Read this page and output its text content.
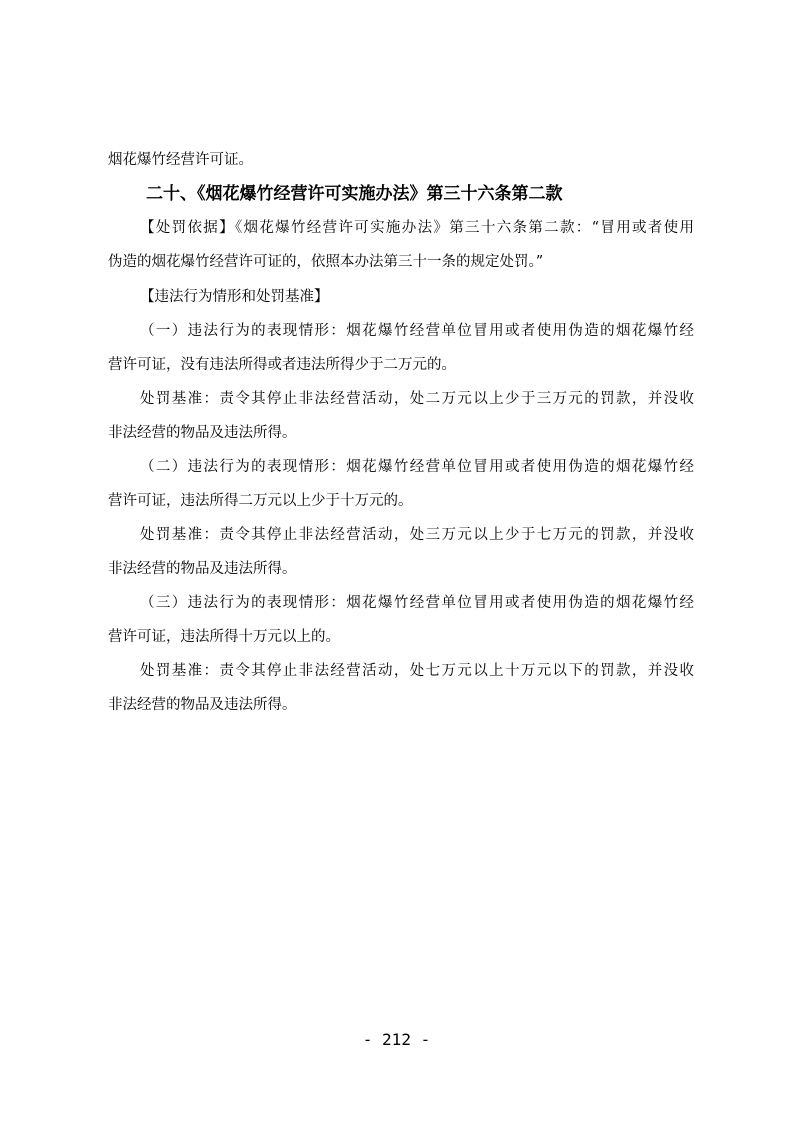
烟花爆竹经营许可证。
二十、《烟花爆竹经营许可实施办法》第三十六条第二款
【处罚依据】《烟花爆竹经营许可实施办法》第三十六条第二款：“冒用或者使用
伪造的烟花爆竹经营许可证的，依照本办法第三十一条的规定处罚。”
【违法行为情形和处罚基准】
（一）违法行为的表现情形：烟花爆竹经营单位冒用或者使用伪造的烟花爆竹经
营许可证，没有违法所得或者违法所得少于二万元的。
处罚基准：责令其停止非法经营活动，处二万元以上少于三万元的罚款，并没收
非法经营的物品及违法所得。
（二）违法行为的表现情形：烟花爆竹经营单位冒用或者使用伪造的烟花爆竹经
营许可证，违法所得二万元以上少于十万元的。
处罚基准：责令其停止非法经营活动，处三万元以上少于七万元的罚款，并没收
非法经营的物品及违法所得。
（三）违法行为的表现情形：烟花爆竹经营单位冒用或者使用伪造的烟花爆竹经
营许可证，违法所得十万元以上的。
处罚基准：责令其停止非法经营活动，处七万元以上十万元以下的罚款，并没收
非法经营的物品及违法所得。
- 212 -
